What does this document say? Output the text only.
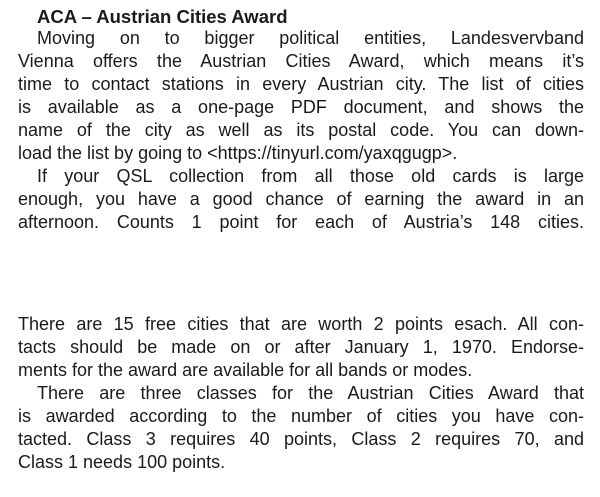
ACA – Austrian Cities Award

Moving on to bigger political entities, Landesvervband

Vienna offers the Austrian Cities Award, which means it’s

time to contact stations in every Austrian city. The list of cities

is available as a one-page PDF document, and shows the

name of the city as well as its postal code. You can down-

load the list by going to <https://tinyurl.com/yaxqgugp>.

If your QSL collection from all those old cards is large

enough, you have a good chance of earning the award in an

afternoon. Counts 1 point for each of Austria’s 148 cities.

There are 15 free cities that are worth 2 points esach. All con-

tacts should be made on or after January 1, 1970. Endorse-

ments for the award are available for all bands or modes.

There are three classes for the Austrian Cities Award that

is awarded according to the number of cities you have con-

tacted. Class 3 requires 40 points, Class 2 requires 70, and

Class 1 needs 100 points.
